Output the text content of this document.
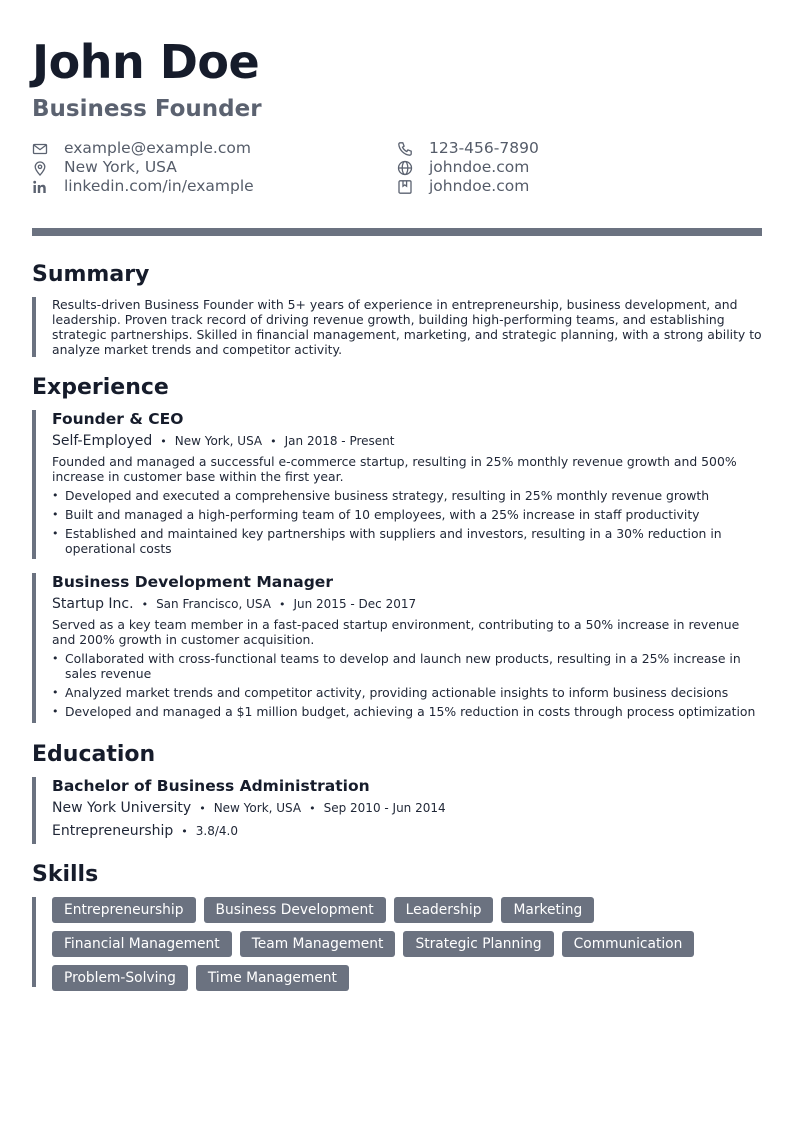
John Doe
Business Founder
example@example.com
New York, USA
linkedin.com/in/example
123-456-7890
johndoe.com
johndoe.com
Summary
Results-driven Business Founder with 5+ years of experience in entrepreneurship, business development, and leadership. Proven track record of driving revenue growth, building high-performing teams, and establishing strategic partnerships. Skilled in financial management, marketing, and strategic planning, with a strong ability to analyze market trends and competitor activity.
Experience
Founder & CEO
Self-Employed • New York, USA • Jan 2018 - Present
Founded and managed a successful e-commerce startup, resulting in 25% monthly revenue growth and 500% increase in customer base within the first year.
• Developed and executed a comprehensive business strategy, resulting in 25% monthly revenue growth
• Built and managed a high-performing team of 10 employees, with a 25% increase in staff productivity
• Established and maintained key partnerships with suppliers and investors, resulting in a 30% reduction in operational costs
Business Development Manager
Startup Inc. • San Francisco, USA • Jun 2015 - Dec 2017
Served as a key team member in a fast-paced startup environment, contributing to a 50% increase in revenue and 200% growth in customer acquisition.
• Collaborated with cross-functional teams to develop and launch new products, resulting in a 25% increase in sales revenue
• Analyzed market trends and competitor activity, providing actionable insights to inform business decisions
• Developed and managed a $1 million budget, achieving a 15% reduction in costs through process optimization
Education
Bachelor of Business Administration
New York University • New York, USA • Sep 2010 - Jun 2014
Entrepreneurship • 3.8/4.0
Skills
Entrepreneurship	Business Development	Leadership	Marketing
Financial Management	Team Management	Strategic Planning	Communication
Problem-Solving	Time Management
